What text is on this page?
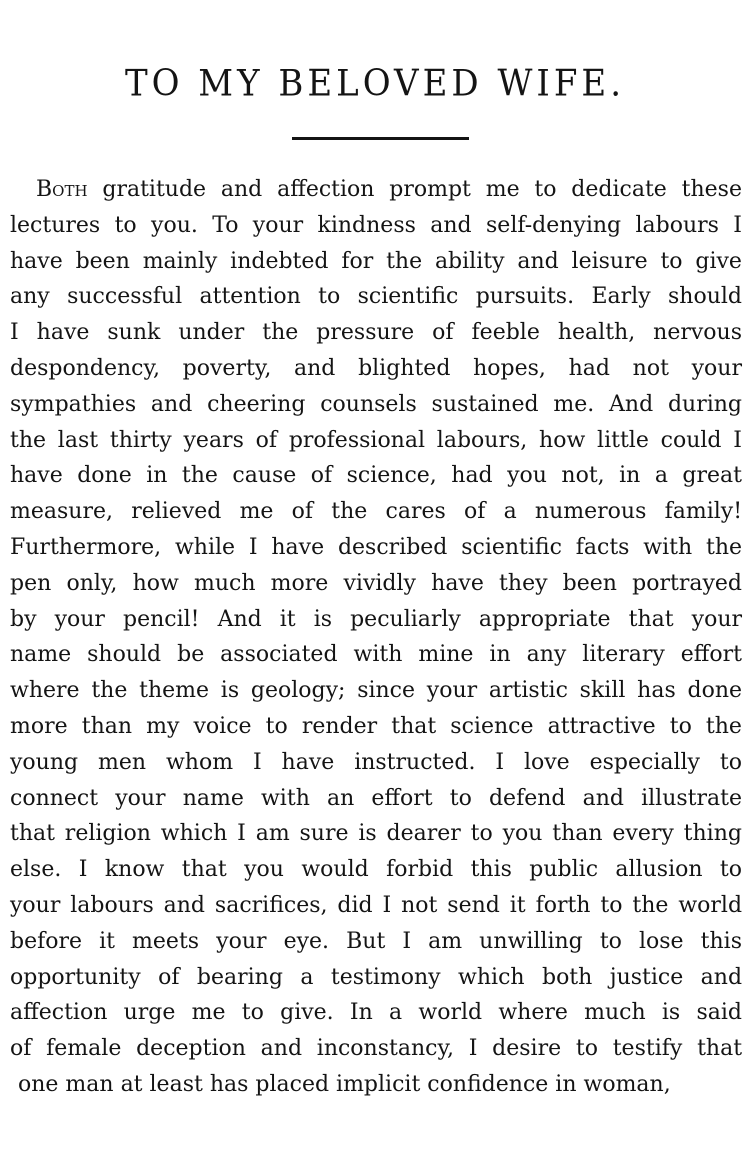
TO MY BELOVED WIFE.
Both gratitude and affection prompt me to dedicate these
lectures to you. To your kindness and self-denying labours I
have been mainly indebted for the ability and leisure to give
any successful attention to scientific pursuits. Early should
I have sunk under the pressure of feeble health, nervous
despondency, poverty, and blighted hopes, had not your
sympathies and cheering counsels sustained me. And during
the last thirty years of professional labours, how little could I
have done in the cause of science, had you not, in a great
measure, relieved me of the cares of a numerous family!
Furthermore, while I have described scientific facts with the
pen only, how much more vividly have they been portrayed
by your pencil! And it is peculiarly appropriate that your
name should be associated with mine in any literary effort
where the theme is geology; since your artistic skill has done
more than my voice to render that science attractive to the
young men whom I have instructed. I love especially to
connect your name with an effort to defend and illustrate
that religion which I am sure is dearer to you than every thing
else. I know that you would forbid this public allusion to
your labours and sacrifices, did I not send it forth to the world
before it meets your eye. But I am unwilling to lose this
opportunity of bearing a testimony which both justice and
affection urge me to give. In a world where much is said
of female deception and inconstancy, I desire to testify that
one man at least has placed implicit confidence in woman,
